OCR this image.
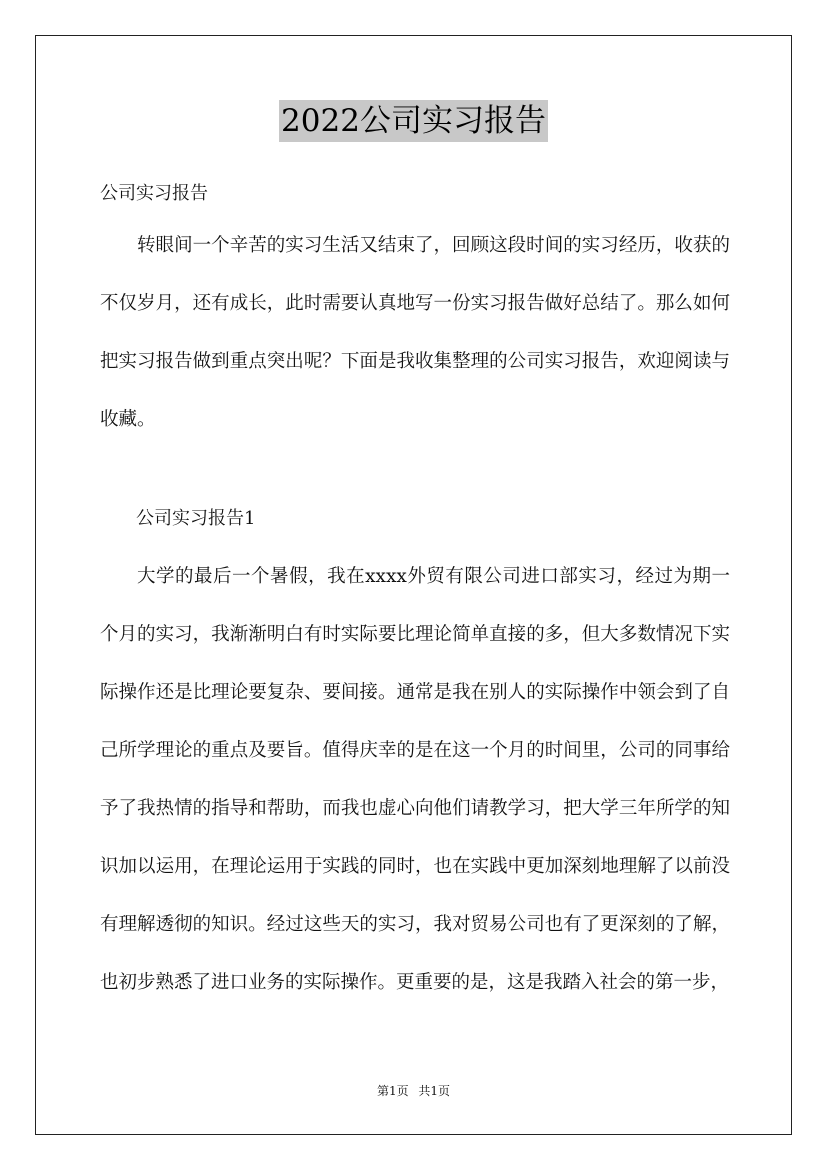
2022公司实习报告
公司实习报告

转眼间一个辛苦的实习生活又结束了，回顾这段时间的实习经历，收获的不仅岁月，还有成长，此时需要认真地写一份实习报告做好总结了。那么如何把实习报告做到重点突出呢？下面是我收集整理的公司实习报告，欢迎阅读与收藏。

公司实习报告1

大学的最后一个暑假，我在xxxx外贸有限公司进口部实习，经过为期一个月的实习，我渐渐明白有时实际要比理论简单直接的多，但大多数情况下实际操作还是比理论要复杂、要间接。通常是我在别人的实际操作中领会到了自己所学理论的重点及要旨。值得庆幸的是在这一个月的时间里，公司的同事给予了我热情的指导和帮助，而我也虚心向他们请教学习，把大学三年所学的知识加以运用，在理论运用于实践的同时，也在实践中更加深刻地理解了以前没有理解透彻的知识。经过这些天的实习，我对贸易公司也有了更深刻的了解，也初步熟悉了进口业务的实际操作。更重要的是，这是我踏入社会的第一步，

第1页 共1页
